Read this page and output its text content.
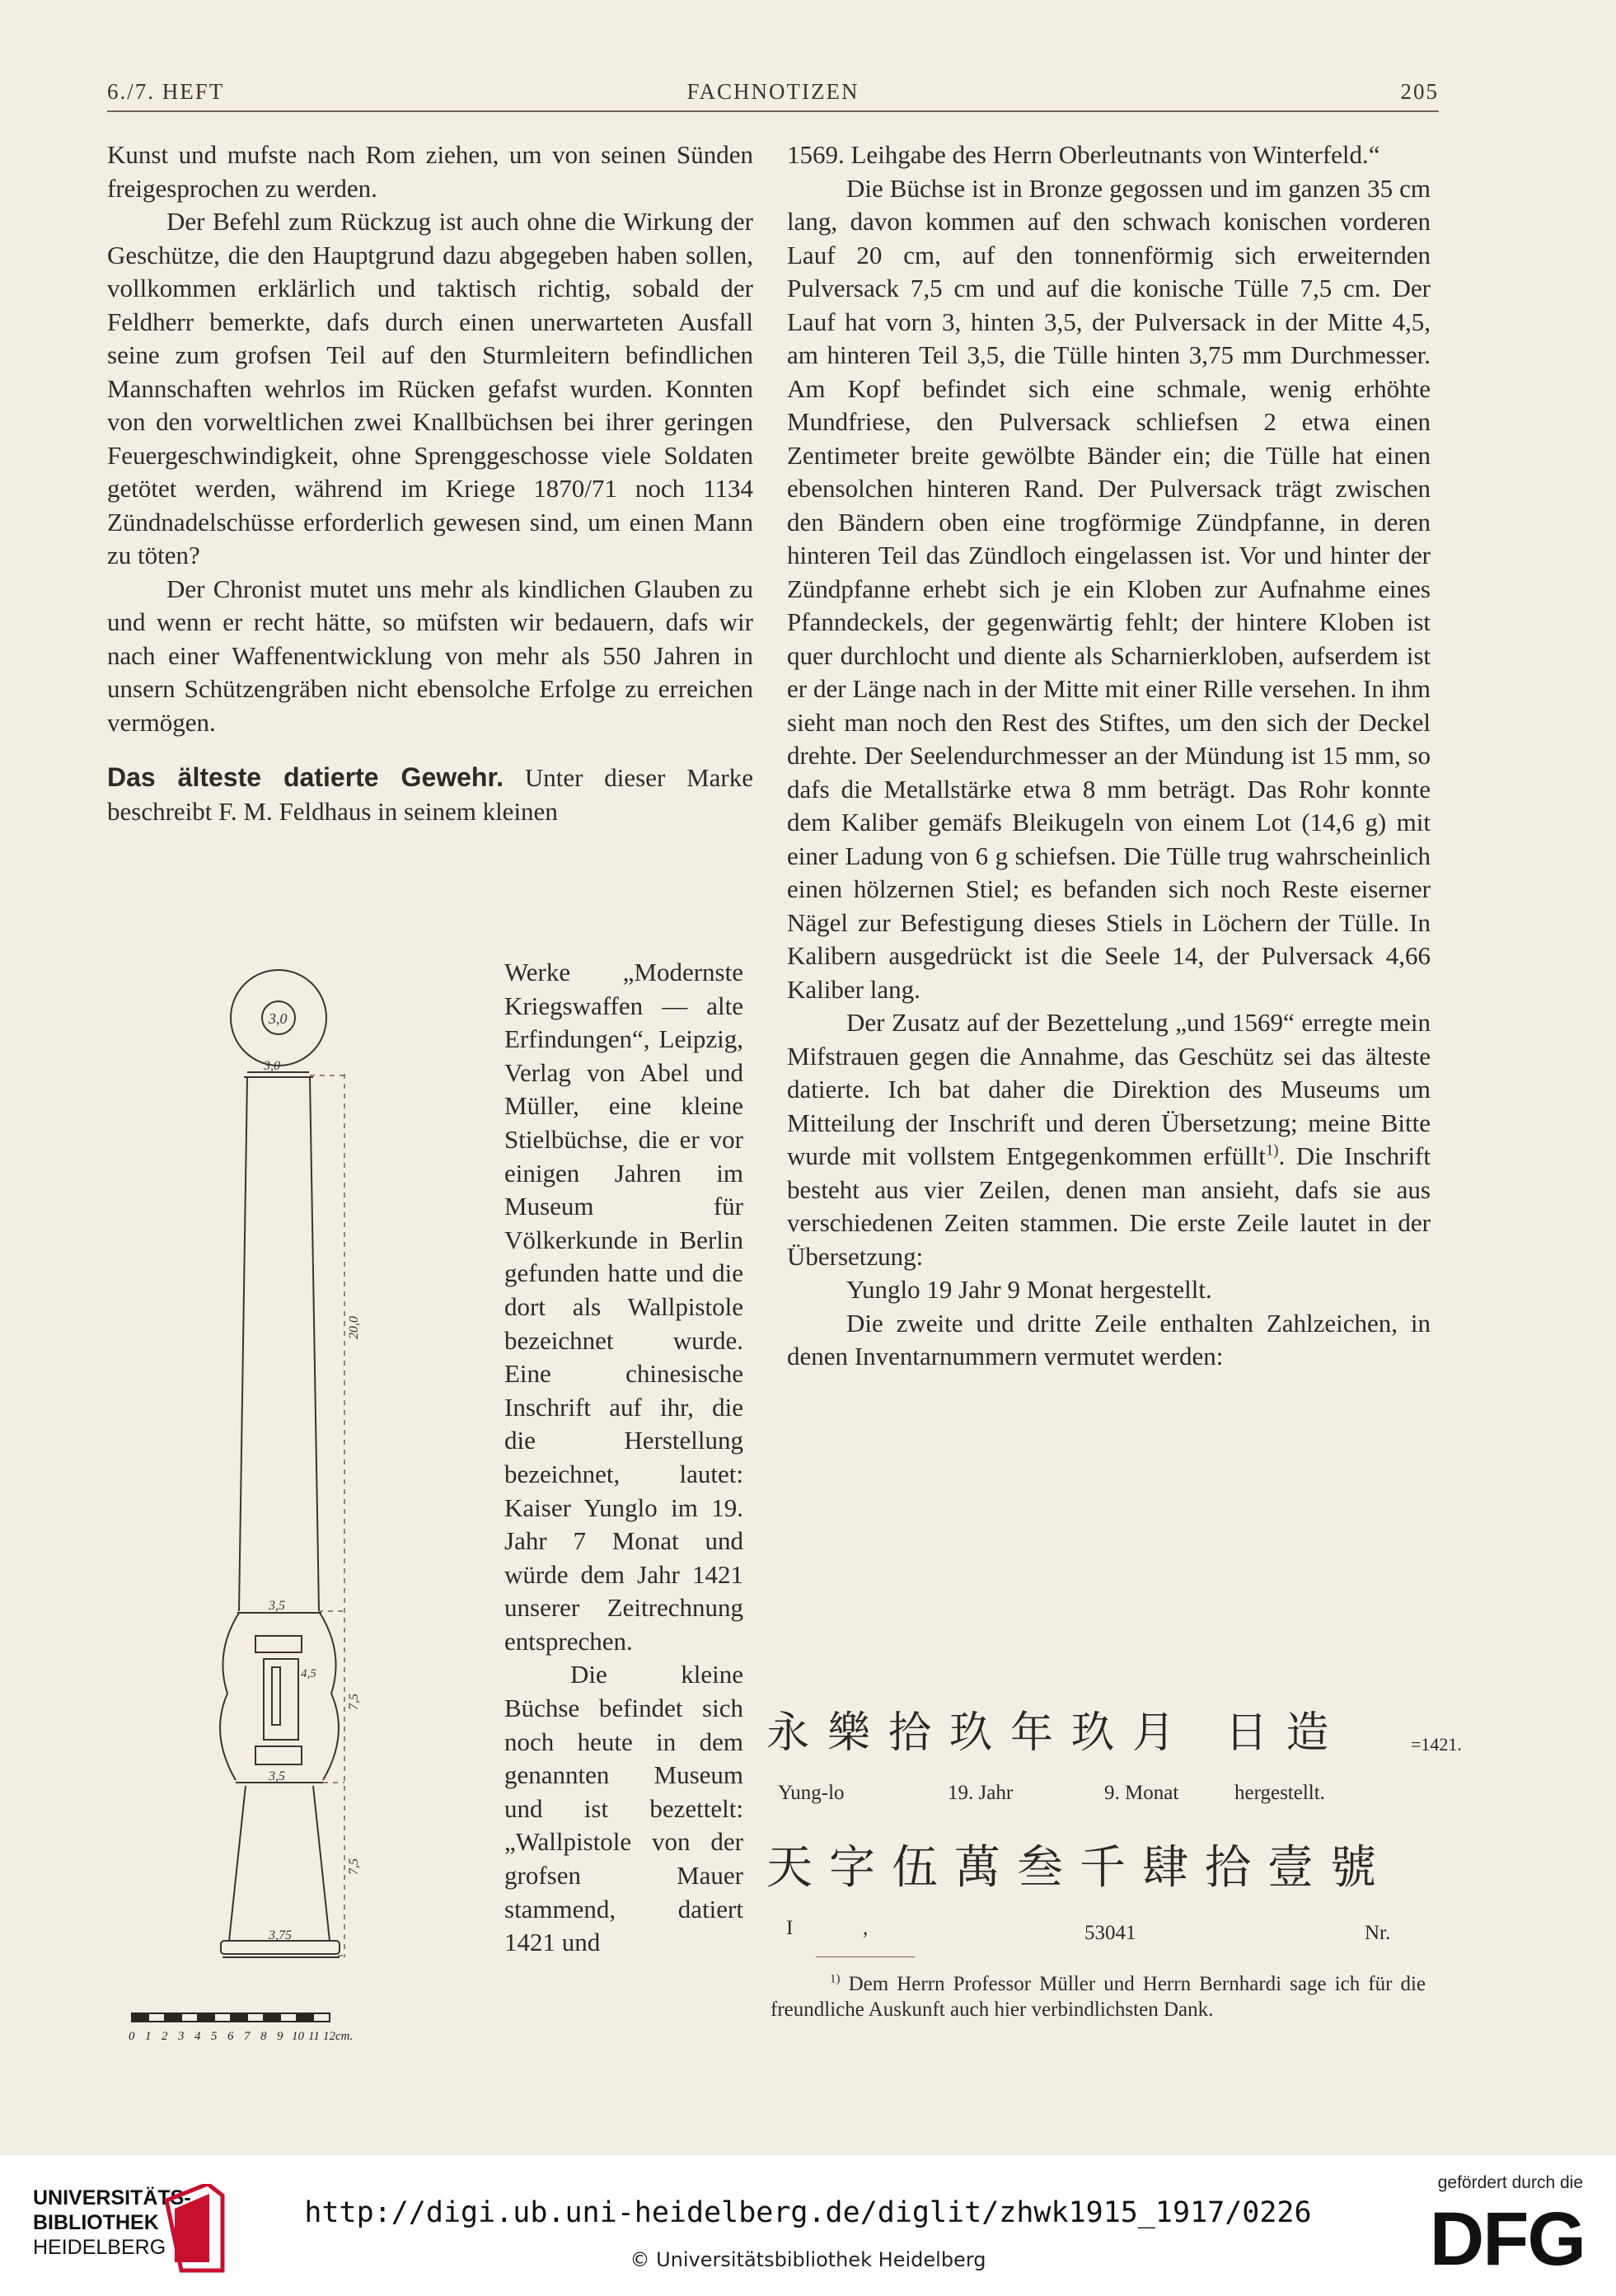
6./7. HEFT	FACHNOTIZEN	205

Kunst und mufste nach Rom ziehen, um von seinen Sünden freigesprochen zu werden.

Der Befehl zum Rückzug ist auch ohne die Wirkung der Geschütze, die den Hauptgrund dazu abgegeben haben sollen, vollkommen erklärlich und taktisch richtig, sobald der Feldherr bemerkte, dafs durch einen unerwarteten Ausfall seine zum grofsen Teil auf den Sturmleitern befindlichen Mannschaften wehrlos im Rücken gefafst wurden. Konnten von den vorweltlichen zwei Knallbüchsen bei ihrer geringen Feuergeschwindigkeit, ohne Sprenggeschosse viele Soldaten getötet werden, während im Kriege 1870/71 noch 1134 Zündnadelschüsse erforderlich gewesen sind, um einen Mann zu töten?

Der Chronist mutet uns mehr als kindlichen Glauben zu und wenn er recht hätte, so müfsten wir bedauern, dafs wir nach einer Waffenentwicklung von mehr als 550 Jahren in unsern Schützengräben nicht ebensolche Erfolge zu erreichen vermögen.

Das älteste datierte Gewehr. Unter dieser Marke beschreibt F. M. Feldhaus in seinem kleinen

Werke „Modernste Kriegswaffen — alte Erfindungen“, Leipzig, Verlag von Abel und Müller, eine kleine Stielbüchse, die er vor einigen Jahren im Museum für Völkerkunde in Berlin gefunden hatte und die dort als Wallpistole bezeichnet wurde. Eine chinesische Inschrift auf ihr, die die Herstellung bezeichnet, lautet: Kaiser Yunglo im 19. Jahr 7 Monat und würde dem Jahr 1421 unserer Zeitrechnung entsprechen.

Die kleine Büchse befindet sich noch heute in dem genannten Museum und ist bezettelt: „Wallpistole von der grofsen Mauer stammend, datiert 1421 und

3,0
3,0
20,0
3,5
4,5
7,5
3,5
7,5
3,75
0 1 2 3 4 5 6 7 8 9 10 11 12cm.

1569. Leihgabe des Herrn Oberleutnants von Winterfeld.“

Die Büchse ist in Bronze gegossen und im ganzen 35 cm lang, davon kommen auf den schwach konischen vorderen Lauf 20 cm, auf den tonnenförmig sich erweiternden Pulversack 7,5 cm und auf die konische Tülle 7,5 cm. Der Lauf hat vorn 3, hinten 3,5, der Pulversack in der Mitte 4,5, am hinteren Teil 3,5, die Tülle hinten 3,75 mm Durchmesser. Am Kopf befindet sich eine schmale, wenig erhöhte Mundfriese, den Pulversack schliefsen 2 etwa einen Zentimeter breite gewölbte Bänder ein; die Tülle hat einen ebensolchen hinteren Rand. Der Pulversack trägt zwischen den Bändern oben eine trogförmige Zündpfanne, in deren hinteren Teil das Zündloch eingelassen ist. Vor und hinter der Zündpfanne erhebt sich je ein Kloben zur Aufnahme eines Pfanndeckels, der gegenwärtig fehlt; der hintere Kloben ist quer durchlocht und diente als Scharnierkloben, aufserdem ist er der Länge nach in der Mitte mit einer Rille versehen. In ihm sieht man noch den Rest des Stiftes, um den sich der Deckel drehte. Der Seelendurchmesser an der Mündung ist 15 mm, so dafs die Metallstärke etwa 8 mm beträgt. Das Rohr konnte dem Kaliber gemäfs Bleikugeln von einem Lot (14,6 g) mit einer Ladung von 6 g schiefsen. Die Tülle trug wahrscheinlich einen hölzernen Stiel; es befanden sich noch Reste eiserner Nägel zur Befestigung dieses Stiels in Löchern der Tülle. In Kalibern ausgedrückt ist die Seele 14, der Pulversack 4,66 Kaliber lang.

Der Zusatz auf der Bezettelung „und 1569“ erregte mein Mifstrauen gegen die Annahme, das Geschütz sei das älteste datierte. Ich bat daher die Direktion des Museums um Mitteilung der Inschrift und deren Übersetzung; meine Bitte wurde mit vollstem Entgegenkommen erfüllt$^{1)}$. Die Inschrift besteht aus vier Zeilen, denen man ansieht, dafs sie aus verschiedenen Zeiten stammen. Die erste Zeile lautet in der Übersetzung:

Yunglo 19 Jahr 9 Monat hergestellt.

Die zweite und dritte Zeile enthalten Zahlzeichen, in denen Inventarnummern vermutet werden:

永樂拾玖年玖月 日造	=1421.
Yung-lo	19. Jahr	9. Monat	hergestellt.
天字伍萬叁千肆拾壹號
I	,	53041	Nr.

$^{1)}$ Dem Herrn Professor Müller und Herrn Bernhardi sage ich für die freundliche Auskunft auch hier verbindlichsten Dank.

UNIVERSITÄTS-
BIBLIOTHEK
HEIDELBERG
http://digi.ub.uni-heidelberg.de/diglit/zhwk1915_1917/0226
© Universitätsbibliothek Heidelberg
gefördert durch die
DFG
